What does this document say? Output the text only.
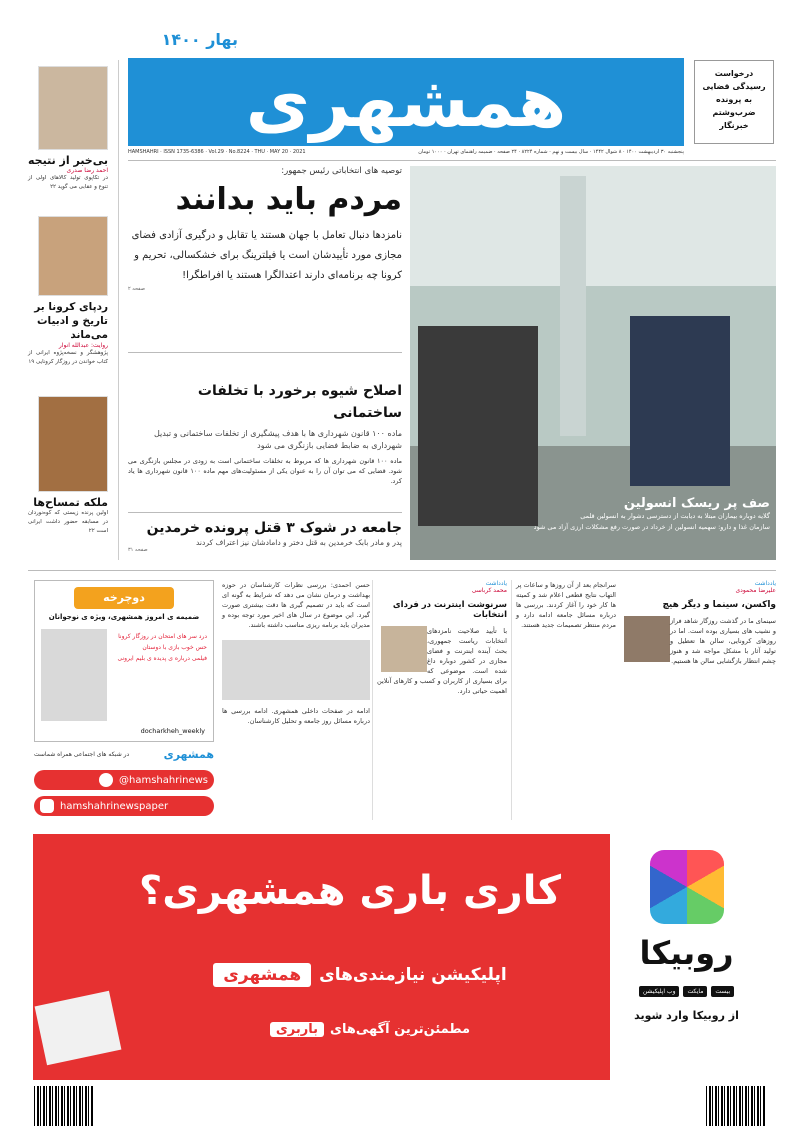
بهار ۱۴۰۰
درخواست رسیدگی قضایی به پرونده ضرب‌وشتم خبرنگار
همشهری
پنجشنبه ۳۰ اردیبهشت ۱۴۰۰ · ۸ شوال ۱۴۴۲ · سال بیست و نهم · شماره ۸۲۲۴ · ۲۴ صفحه · ضمیمه راهنمای تهران · ۱۰۰۰ تومان
HAMSHAHRI · ISSN 1735-6386 · Vol.29 · No.8224 · THU · MAY 20 · 2021
بی‌خبر از نتیجه
احمد رضا صدری
در تکاپوی تولید کالاهای اولی از تنوع و عقابی می گوید ۲۲
ردپای کرونا بر تاریخ و ادبیات می‌ماند
روایت: عبدالله انوار
پژوهشگر و نسخه‌پژوه ایرانی از کتاب خواندن در روزگار کرونایی ۱۹
ملکه تمساح‌ها
اولین پرنده زیستی که کوه‌نوردان در مسابقه حضور داشت ایرانی است ۲۲
توصیه های انتخاباتی رئیس جمهور:
مردم باید بدانند
نامزدها دنبال تعامل با جهان هستند یا تقابل و درگیری آزادی فضای مجازی مورد تأییدشان است یا فیلترینگ برای خشکسالی، تحریم و کرونا چه برنامه‌ای دارند اعتدالگرا هستند یا افراطگرا!
صفحه ۲
اصلاح شیوه برخورد با تخلفات ساختمانی
ماده ۱۰۰ قانون شهرداری ها با هدف پیشگیری از تخلفات ساختمانی و تبدیل شهرداری به ضابط فضایی بازنگری می شود
ماده ۱۰۰ قانون شهرداری ها که مربوط به تخلفات ساختمانی است به زودی در مجلس بازنگری می شود. قضایی که می توان آن را به عنوان یکی از مسئولیت‌های مهم ماده ۱۰۰ قانون شهرداری ها یاد کرد.
جامعه در شوک ۳ قتل پرونده خرمدین
پدر و مادر بابک خرمدین به قتل دختر و دامادشان نیز اعتراف کردند
صفحه ۳۱
صف پر ریسک انسولین
گلایه دوباره بیماران مبتلا به دیابت از دسترسی دشوار به انسولین قلمی
سازمان غذا و دارو: سهمیه انسولین از خرداد در صورت رفع مشکلات ارزی آزاد می شود
دوچرخه
ضمیمه ی امروز همشهری، ویژه ی نوجوانان
درد سر های امتحان در روزگار کرونا
حس خوب بازی با دوستان
فیلمی درباره ی پدیده ی بلیم ایرونی
docharkheh_weekly
همشهری
در شبکه های اجتماعی همراه شماست
@hamshahrinews
hamshahrinewspaper
حسن احمدی: بررسی نظرات کارشناسان در حوزه بهداشت و درمان نشان می دهد که شرایط به گونه ای است که باید در تصمیم گیری ها دقت بیشتری صورت گیرد. این موضوع در سال های اخیر مورد توجه بوده و مدیران باید برنامه ریزی مناسب داشته باشند.
ادامه در صفحات داخلی همشهری. ادامه بررسی ها درباره مسائل روز جامعه و تحلیل کارشناسان.
یادداشت
محمد کرباسی
سرنوشت اینترنت در فردای انتخابات
با تأیید صلاحیت نامزدهای انتخابات ریاست جمهوری، بحث آینده اینترنت و فضای مجازی در کشور دوباره داغ شده است. موضوعی که برای بسیاری از کاربران و کسب و کارهای آنلاین اهمیت حیاتی دارد.
سرانجام بعد از آن روزها و ساعات پر التهاب نتایج قطعی اعلام شد و کمیته ها کار خود را آغاز کردند. بررسی ها درباره مسائل جامعه ادامه دارد و مردم منتظر تصمیمات جدید هستند.
یادداشت
علیرضا محمودی
واکسن، سینما و دیگر هیچ
سینمای ما در گذشت روزگار شاهد فراز و نشیب های بسیاری بوده است. اما در روزهای کرونایی، سالن ها تعطیل و تولید آثار با مشکل مواجه شد و هنوز چشم انتظار بازگشایی سالن ها هستیم.
روبیکا
وب اپلیکیشن	مایکت	بیست
از روبیکا وارد شوید
کاری باری همشهری؟
اپلیکیشن نیازمندی‌های
همشهری
مطمئن‌ترین آگهی‌های
باربری
